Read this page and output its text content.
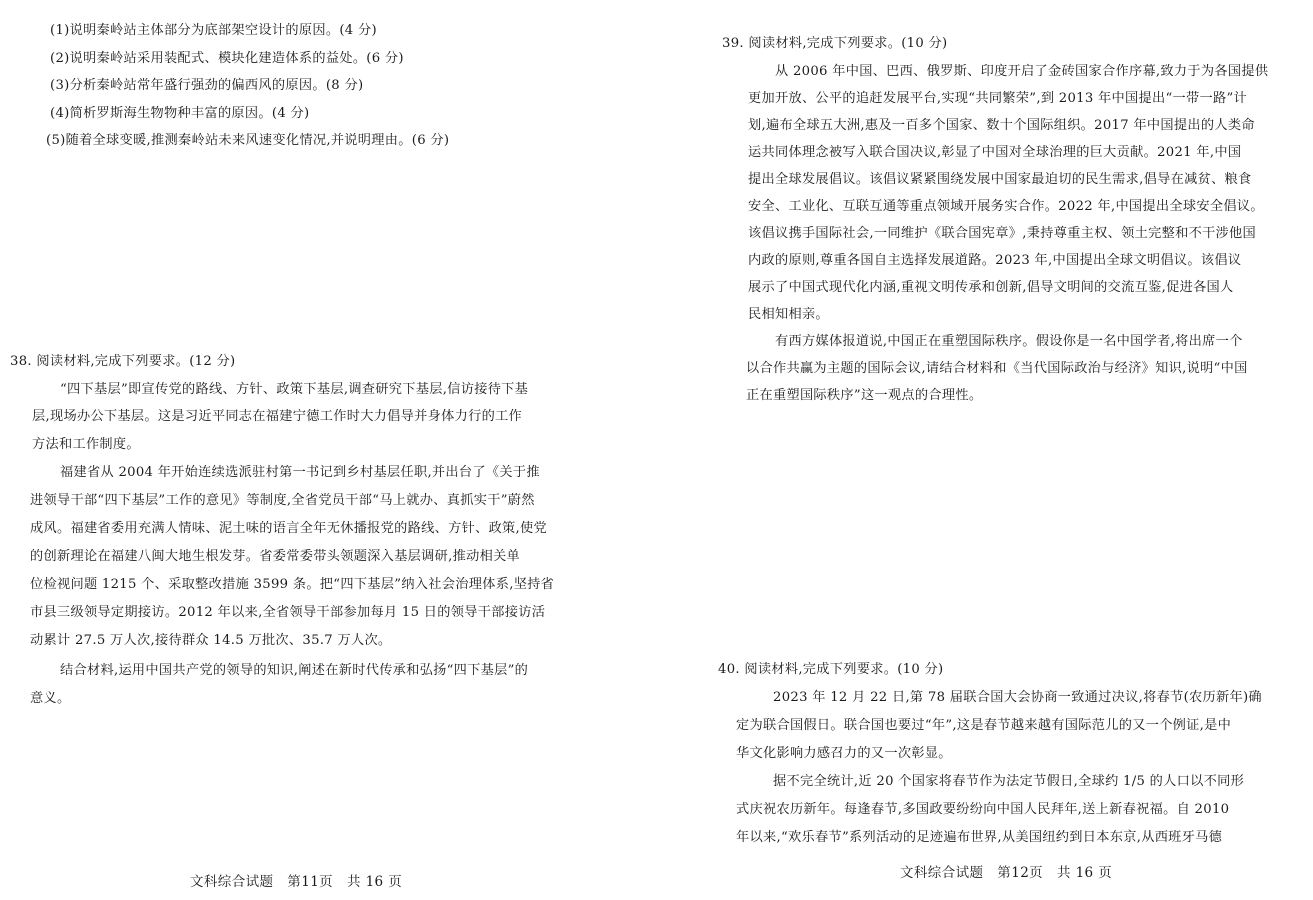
(1)说明秦岭站主体部分为底部架空设计的原因。(4 分)
(2)说明秦岭站采用装配式、模块化建造体系的益处。(6 分)
(3)分析秦岭站常年盛行强劲的偏西风的原因。(8 分)
(4)简析罗斯海生物物种丰富的原因。(4 分)
(5)随着全球变暖,推测秦岭站未来风速变化情况,并说明理由。(6 分)
38. 阅读材料,完成下列要求。(12 分)
“四下基层”即宣传党的路线、方针、政策下基层,调查研究下基层,信访接待下基
层,现场办公下基层。这是习近平同志在福建宁德工作时大力倡导并身体力行的工作
方法和工作制度。
福建省从 2004 年开始连续选派驻村第一书记到乡村基层任职,并出台了《关于推
进领导干部“四下基层”工作的意见》等制度,全省党员干部“马上就办、真抓实干”蔚然
成风。福建省委用充满人情味、泥土味的语言全年无休播报党的路线、方针、政策,使党
的创新理论在福建八闽大地生根发芽。省委常委带头领题深入基层调研,推动相关单
位检视问题 1215 个、采取整改措施 3599 条。把“四下基层”纳入社会治理体系,坚持省
市县三级领导定期接访。2012 年以来,全省领导干部参加每月 15 日的领导干部接访活
动累计 27.5 万人次,接待群众 14.5 万批次、35.7 万人次。
结合材料,运用中国共产党的领导的知识,阐述在新时代传承和弘扬“四下基层”的
意义。
文科综合试题　第11页　共 16 页
39. 阅读材料,完成下列要求。(10 分)
从 2006 年中国、巴西、俄罗斯、印度开启了金砖国家合作序幕,致力于为各国提供
更加开放、公平的追赶发展平台,实现“共同繁荣”,到 2013 年中国提出“一带一路”计
划,遍布全球五大洲,惠及一百多个国家、数十个国际组织。2017 年中国提出的人类命
运共同体理念被写入联合国决议,彰显了中国对全球治理的巨大贡献。2021 年,中国
提出全球发展倡议。该倡议紧紧围绕发展中国家最迫切的民生需求,倡导在减贫、粮食
安全、工业化、互联互通等重点领域开展务实合作。2022 年,中国提出全球安全倡议。
该倡议携手国际社会,一同维护《联合国宪章》,秉持尊重主权、领土完整和不干涉他国
内政的原则,尊重各国自主选择发展道路。2023 年,中国提出全球文明倡议。该倡议
展示了中国式现代化内涵,重视文明传承和创新,倡导文明间的交流互鉴,促进各国人
民相知相亲。
有西方媒体报道说,中国正在重塑国际秩序。假设你是一名中国学者,将出席一个
以合作共赢为主题的国际会议,请结合材料和《当代国际政治与经济》知识,说明“中国
正在重塑国际秩序”这一观点的合理性。
40. 阅读材料,完成下列要求。(10 分)
2023 年 12 月 22 日,第 78 届联合国大会协商一致通过决议,将春节(农历新年)确
定为联合国假日。联合国也要过“年”,这是春节越来越有国际范儿的又一个例证,是中
华文化影响力感召力的又一次彰显。
据不完全统计,近 20 个国家将春节作为法定节假日,全球约 1/5 的人口以不同形
式庆祝农历新年。每逢春节,多国政要纷纷向中国人民拜年,送上新春祝福。自 2010
年以来,“欢乐春节”系列活动的足迹遍布世界,从美国纽约到日本东京,从西班牙马德
文科综合试题　第12页　共 16 页
